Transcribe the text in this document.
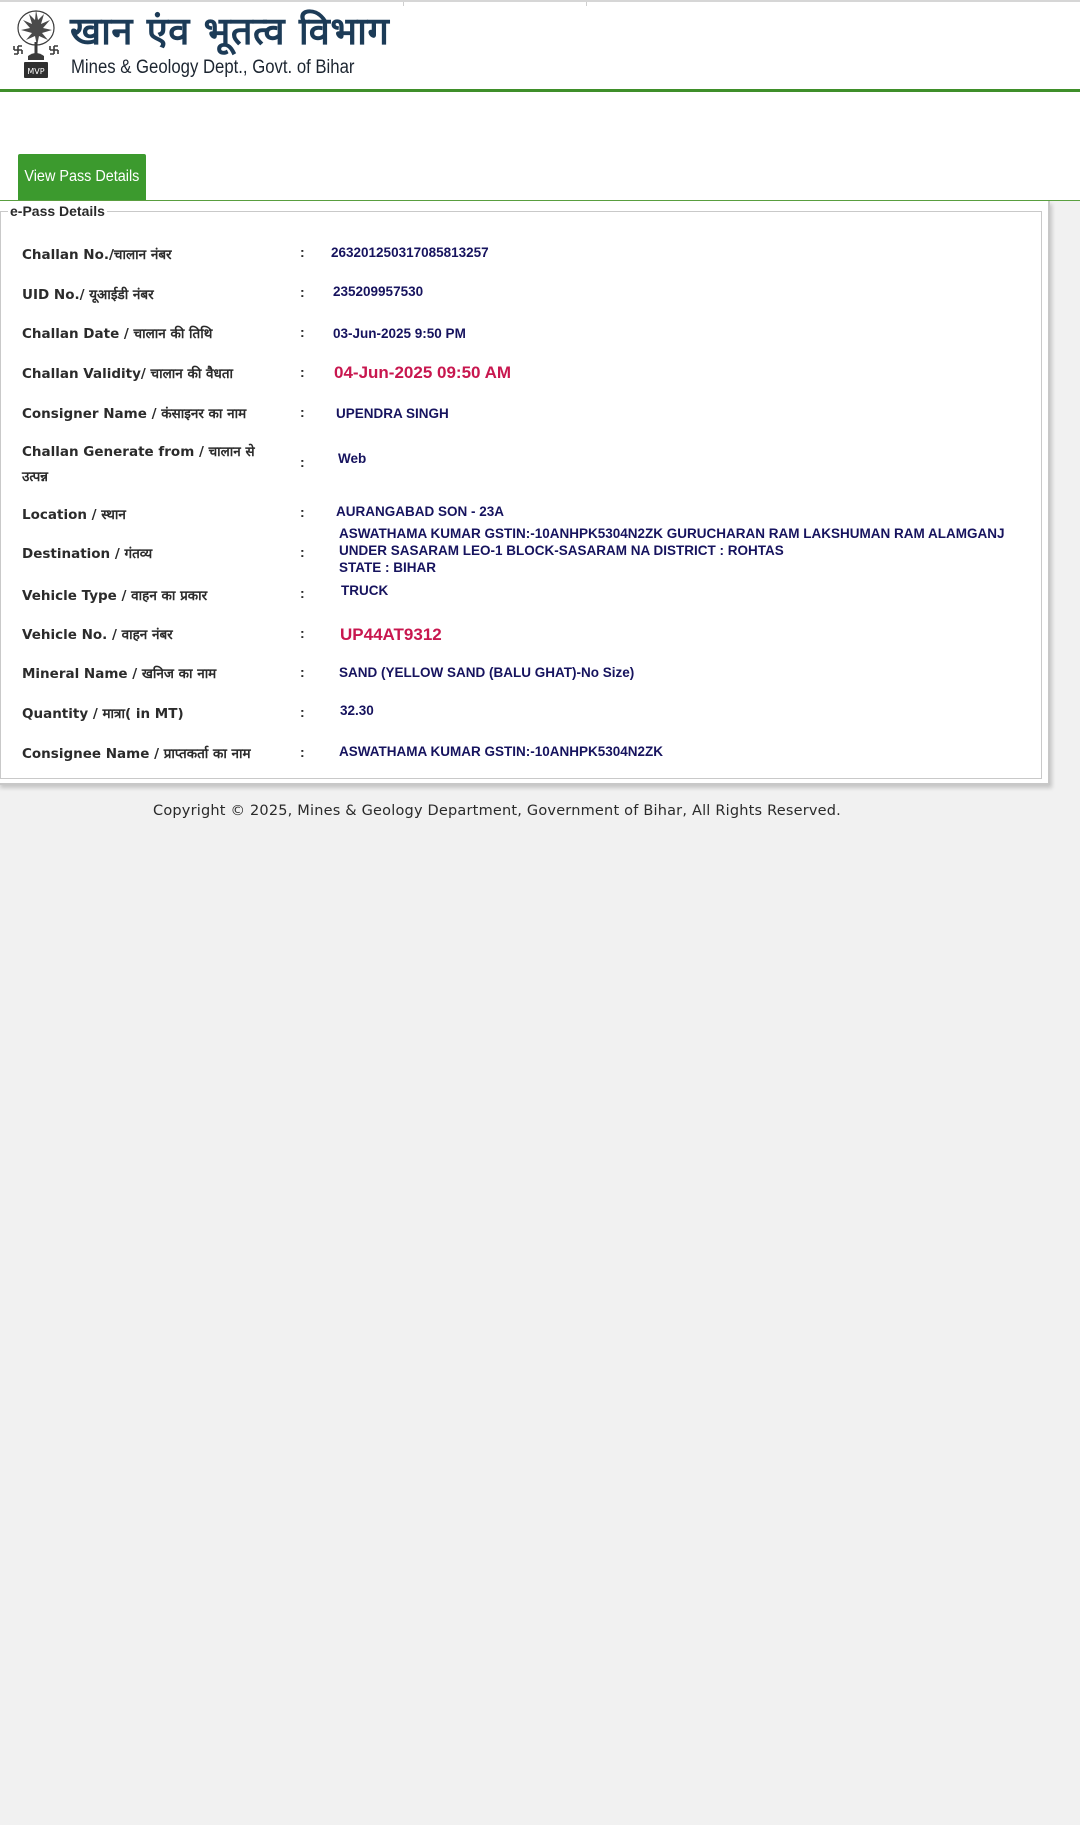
MVP
खान एंव भूतत्व विभाग
Mines & Geology Dept., Govt. of Bihar
View Pass Details
e-Pass Details
Challan No./चालान नंबर	: 263201250317085813257
UID No./ यूआईडी नंबर	: 235209957530
Challan Date / चालान की तिथि	: 03-Jun-2025 9:50 PM
Challan Validity/ चालान की वैधता	: 04-Jun-2025 09:50 AM
Consigner Name / कंसाइनर का नाम	: UPENDRA SINGH
Challan Generate from / चालान से
उत्पन्न
: Web
Location / स्थान	: AURANGABAD SON - 23A
Destination / गंतव्य	:
ASWATHAMA KUMAR GSTIN:-10ANHPK5304N2ZK GURUCHARAN RAM LAKSHUMAN RAM ALAMGANJ
UNDER SASARAM LEO-1 BLOCK-SASARAM NA DISTRICT : ROHTAS
STATE : BIHAR
Vehicle Type / वाहन का प्रकार	:	TRUCK
Vehicle No. / वाहन नंबर	: UP44AT9312
Mineral Name / खनिज का नाम	:	SAND (YELLOW SAND (BALU GHAT)-No Size)
Quantity / मात्रा( in MT)	:	32.30
Consignee Name / प्राप्तकर्ता का नाम	:	ASWATHAMA KUMAR GSTIN:-10ANHPK5304N2ZK
Copyright © 2025, Mines & Geology Department, Government of Bihar, All Rights Reserved.
